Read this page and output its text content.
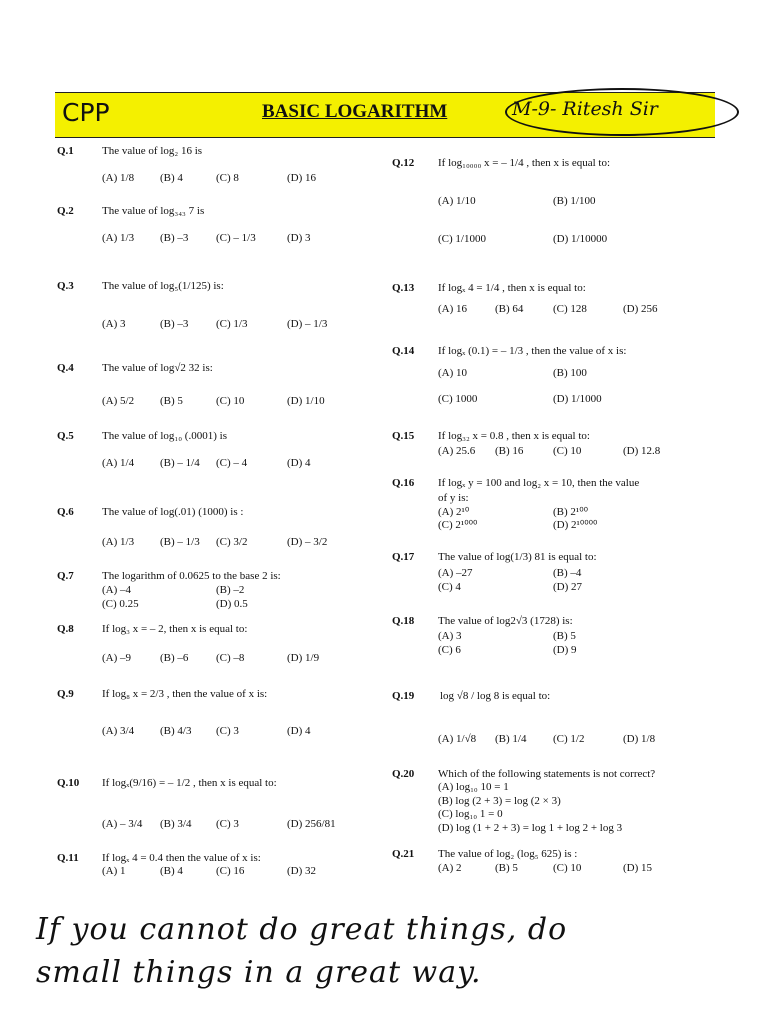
CPP	BASIC LOGARITHM	M-9- Ritesh Sir
Q.1	The value of log₂ 16 is
(A) 1/8 (B) 4	(C) 8	(D) 16
Q.2	The value of log₃₄₃ 7 is
(A) 1/3 (B) –3	(C) – 1/3	(D) 3
Q.3	The value of log₅(1/125) is:
(A) 3	(B) –3	(C) 1/3	(D) – 1/3
Q.4	The value of log√2 32 is:
(A) 5/2 (B) 5	(C) 10	(D) 1/10
Q.5	The value of log₁₀ (.0001) is
(A) 1/4 (B) – 1/4 (C) – 4	(D) 4
Q.6	The value of log(.01) (1000) is :
(A) 1/3 (B) – 1/3 (C) 3/2	(D) – 3/2
Q.7	The logarithm of 0.0625 to the base 2 is:
(A) –4	(B) –2
(C) 0.25	(D) 0.5
Q.8	If log₃ x = – 2, then x is equal to:
(A) –9	(B) –6	(C) –8	(D) 1/9
Q.9	If log₈ x = 2/3 , then the value of x is:
(A) 3/4 (B) 4/3 (C) 3	(D) 4
Q.10 If logₓ(9/16) = – 1/2 , then x is equal to:
(A) – 3/4 (B) 3/4 (C) 3	(D) 256/81
Q.11 If logₓ 4 = 0.4 then the value of x is:
(A) 1	(B) 4	(C) 16	(D) 32
Q.12 If log₁₀₀₀₀ x = – 1/4 , then x is equal to:
(A) 1/10	(B) 1/100
(C) 1/1000	(D) 1/10000
Q.13 If logₓ 4 = 1/4 , then x is equal to:
(A) 16	(B) 64	(C) 128	(D) 256
Q.14 If logₓ (0.1) = – 1/3 , then the value of x is:
(A) 10	(B) 100
(C) 1000	(D) 1/1000
Q.15 If log₃₂ x = 0.8 , then x is equal to:
(A) 25.6 (B) 16	(C) 10	(D) 12.8
Q.16 If logₓ y = 100 and log₂ x = 10, then the value
of y is:
(A) 2¹⁰	(B) 2¹⁰⁰
(C) 2¹⁰⁰⁰	(D) 2¹⁰⁰⁰⁰
Q.17 The value of log(1/3) 81 is equal to:
(A) –27	(B) –4
(C) 4	(D) 27
Q.18 The value of log2√3 (1728) is:
(A) 3	(B) 5
(C) 6	(D) 9
Q.19 log √8 / log 8 is equal to:
(A) 1/√8 (B) 1/4 (C) 1/2	(D) 1/8
Q.20 Which of the following statements is not correct?
(A) log₁₀ 10 = 1
(B) log (2 + 3) = log (2 × 3)
(C) log₁₀ 1 = 0
(D) log (1 + 2 + 3) = log 1 + log 2 + log 3
Q.21 The value of log₂ (log₅ 625) is :
(A) 2	(B) 5	(C) 10	(D) 15
If you cannot do great things, do
small things in a great way.
